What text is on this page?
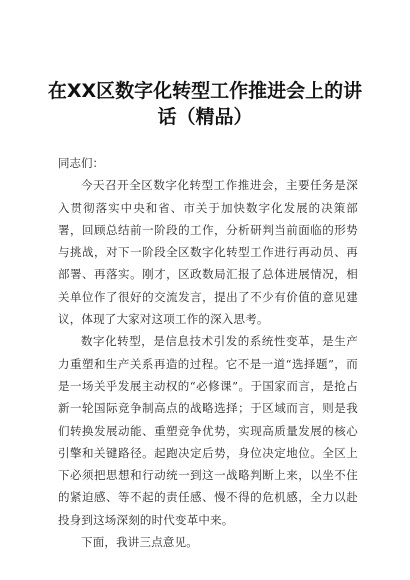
在XX区数字化转型工作推进会上的讲
话（精品）

同志们：

今天召开全区数字化转型工作推进会，主要任务是深入贯彻落实中央和省、市关于加快数字化发展的决策部署，回顾总结前一阶段的工作，分析研判当前面临的形势与挑战，对下一阶段全区数字化转型工作进行再动员、再部署、再落实。刚才，区政数局汇报了总体进展情况，相关单位作了很好的交流发言，提出了不少有价值的意见建议，体现了大家对这项工作的深入思考。

数字化转型，是信息技术引发的系统性变革，是生产力重塑和生产关系再造的过程。它不是一道“选择题”，而是一场关乎发展主动权的“必修课”。于国家而言，是抢占新一轮国际竞争制高点的战略选择；于区域而言，则是我们转换发展动能、重塑竞争优势，实现高质量发展的核心引擎和关键路径。起跑决定后势，身位决定地位。全区上下必须把思想和行动统一到这一战略判断上来，以坐不住的紧迫感、等不起的责任感、慢不得的危机感，全力以赴投身到这场深刻的时代变革中来。

下面，我讲三点意见。
